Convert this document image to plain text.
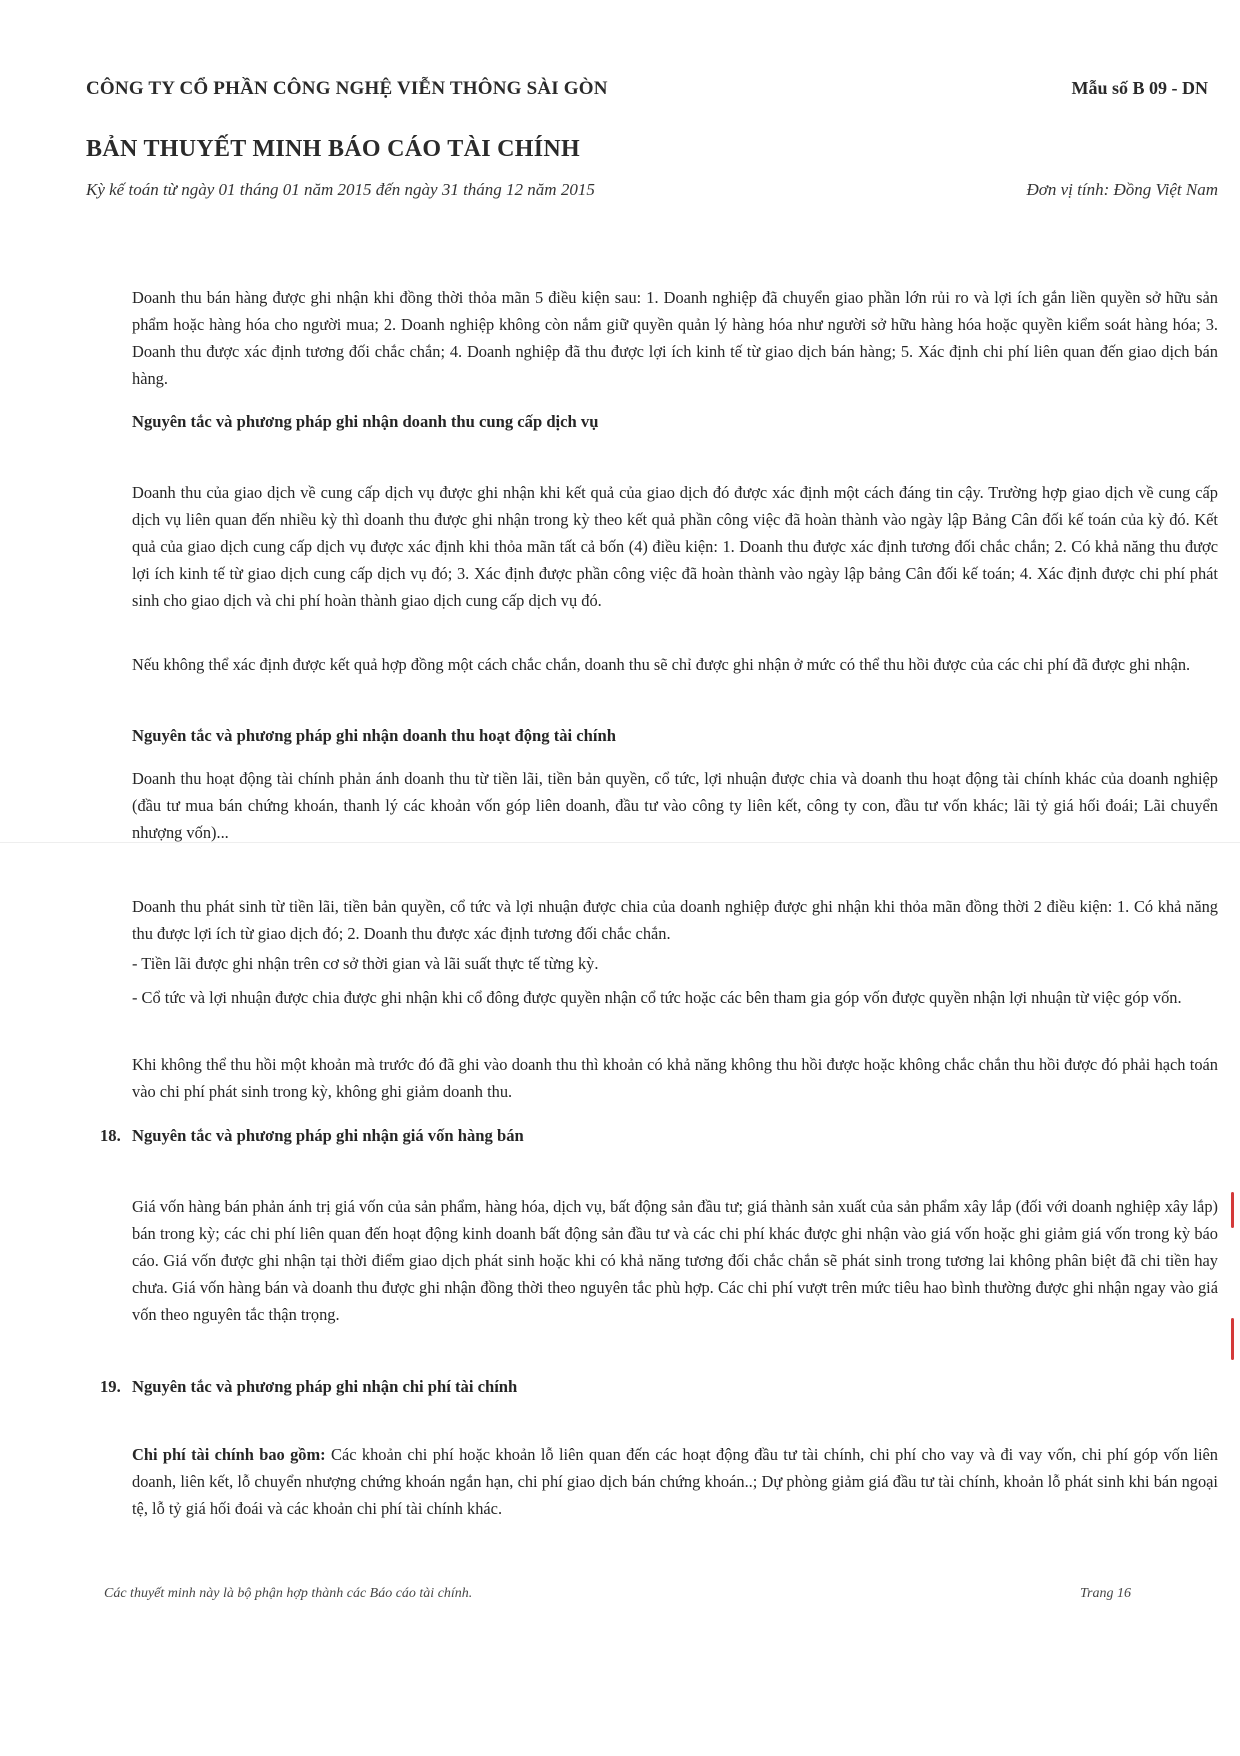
CÔNG TY CỔ PHẦN CÔNG NGHỆ VIỄN THÔNG SÀI GÒN	Mẫu số B 09 - DN
BẢN THUYẾT MINH BÁO CÁO TÀI CHÍNH
Kỳ kế toán từ ngày 01 tháng 01 năm 2015 đến ngày 31 tháng 12 năm 2015	Đơn vị tính: Đồng Việt Nam
Doanh thu bán hàng được ghi nhận khi đồng thời thỏa mãn 5 điều kiện sau: 1. Doanh nghiệp đã chuyển giao phần lớn rủi ro và lợi ích gắn liền quyền sở hữu sản phẩm hoặc hàng hóa cho người mua; 2. Doanh nghiệp không còn nắm giữ quyền quản lý hàng hóa như người sở hữu hàng hóa hoặc quyền kiểm soát hàng hóa; 3. Doanh thu được xác định tương đối chắc chắn; 4. Doanh nghiệp đã thu được lợi ích kinh tế từ giao dịch bán hàng; 5. Xác định chi phí liên quan đến giao dịch bán hàng.
Nguyên tắc và phương pháp ghi nhận doanh thu cung cấp dịch vụ
Doanh thu của giao dịch về cung cấp dịch vụ được ghi nhận khi kết quả của giao dịch đó được xác định một cách đáng tin cậy. Trường hợp giao dịch về cung cấp dịch vụ liên quan đến nhiều kỳ thì doanh thu được ghi nhận trong kỳ theo kết quả phần công việc đã hoàn thành vào ngày lập Bảng Cân đối kế toán của kỳ đó. Kết quả của giao dịch cung cấp dịch vụ được xác định khi thỏa mãn tất cả bốn (4) điều kiện: 1. Doanh thu được xác định tương đối chắc chắn; 2. Có khả năng thu được lợi ích kinh tế từ giao dịch cung cấp dịch vụ đó; 3. Xác định được phần công việc đã hoàn thành vào ngày lập bảng Cân đối kế toán; 4. Xác định được chi phí phát sinh cho giao dịch và chi phí hoàn thành giao dịch cung cấp dịch vụ đó.
Nếu không thể xác định được kết quả hợp đồng một cách chắc chắn, doanh thu sẽ chỉ được ghi nhận ở mức có thể thu hồi được của các chi phí đã được ghi nhận.
Nguyên tắc và phương pháp ghi nhận doanh thu hoạt động tài chính
Doanh thu hoạt động tài chính phản ánh doanh thu từ tiền lãi, tiền bản quyền, cổ tức, lợi nhuận được chia và doanh thu hoạt động tài chính khác của doanh nghiệp (đầu tư mua bán chứng khoán, thanh lý các khoản vốn góp liên doanh, đầu tư vào công ty liên kết, công ty con, đầu tư vốn khác; lãi tỷ giá hối đoái; Lãi chuyển nhượng vốn)...
Doanh thu phát sinh từ tiền lãi, tiền bản quyền, cổ tức và lợi nhuận được chia của doanh nghiệp được ghi nhận khi thỏa mãn đồng thời 2 điều kiện: 1. Có khả năng thu được lợi ích từ giao dịch đó; 2. Doanh thu được xác định tương đối chắc chắn.
- Tiền lãi được ghi nhận trên cơ sở thời gian và lãi suất thực tế từng kỳ.
- Cổ tức và lợi nhuận được chia được ghi nhận khi cổ đông được quyền nhận cổ tức hoặc các bên tham gia góp vốn được quyền nhận lợi nhuận từ việc góp vốn.
Khi không thể thu hồi một khoản mà trước đó đã ghi vào doanh thu thì khoản có khả năng không thu hồi được hoặc không chắc chắn thu hồi được đó phải hạch toán vào chi phí phát sinh trong kỳ, không ghi giảm doanh thu.
18. Nguyên tắc và phương pháp ghi nhận giá vốn hàng bán
Giá vốn hàng bán phản ánh trị giá vốn của sản phẩm, hàng hóa, dịch vụ, bất động sản đầu tư; giá thành sản xuất của sản phẩm xây lắp (đối với doanh nghiệp xây lắp) bán trong kỳ; các chi phí liên quan đến hoạt động kinh doanh bất động sản đầu tư và các chi phí khác được ghi nhận vào giá vốn hoặc ghi giảm giá vốn trong kỳ báo cáo. Giá vốn được ghi nhận tại thời điểm giao dịch phát sinh hoặc khi có khả năng tương đối chắc chắn sẽ phát sinh trong tương lai không phân biệt đã chi tiền hay chưa. Giá vốn hàng bán và doanh thu được ghi nhận đồng thời theo nguyên tắc phù hợp. Các chi phí vượt trên mức tiêu hao bình thường được ghi nhận ngay vào giá vốn theo nguyên tắc thận trọng.
19. Nguyên tắc và phương pháp ghi nhận chi phí tài chính
Chi phí tài chính bao gồm: Các khoản chi phí hoặc khoản lỗ liên quan đến các hoạt động đầu tư tài chính, chi phí cho vay và đi vay vốn, chi phí góp vốn liên doanh, liên kết, lỗ chuyển nhượng chứng khoán ngắn hạn, chi phí giao dịch bán chứng khoán..; Dự phòng giảm giá đầu tư tài chính, khoản lỗ phát sinh khi bán ngoại tệ, lỗ tỷ giá hối đoái và các khoản chi phí tài chính khác.
Các thuyết minh này là bộ phận hợp thành các Báo cáo tài chính.	Trang 16
